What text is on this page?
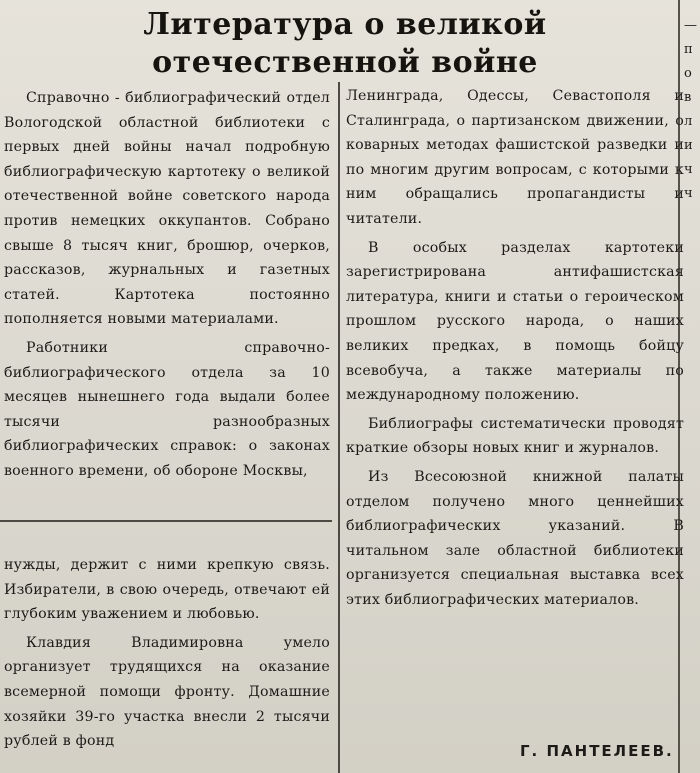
Литература о великой
отечественной войне

Справочно - библиографический отдел Вологодской областной библиотеки с первых дней войны начал подробную библиографическую картотеку о великой отечественной войне советского народа против немецких оккупантов. Собрано свыше 8 тысяч книг, брошюр, очерков, рассказов, журнальных и газетных статей. Картотека постоянно пополняется новыми материалами.

Работники справочно-библиографического отдела за 10 месяцев нынешнего года выдали более тысячи разнообразных библиографических справок: о законах военного времени, об обороне Москвы,

Ленинграда, Одессы, Севастополя и Сталинграда, о партизанском движении, о коварных методах фашистской разведки и по многим другим вопросам, с которыми к ним обращались пропагандисты и читатели.

В особых разделах картотеки зарегистрирована антифашистская литература, книги и статьи о героическом прошлом русского народа, о наших великих предках, в помощь бойцу всевобуча, а также материалы по международному положению.

Библиографы систематически проводят краткие обзоры новых книг и журналов.

Из Всесоюзной книжной палаты отделом получено много ценнейших библиографических указаний. В читальном зале областной библиотеки организуется специальная выставка всех этих библиографических материалов.

Г. ПАНТЕЛЕЕВ.

нужды, держит с ними крепкую связь. Избиратели, в свою очередь, отвечают ей глубоким уважением и любовью.

Клавдия Владимировна умело организует трудящихся на оказание всемерной помощи фронту. Домашние хозяйки 39-го участка внесли 2 тысячи рублей в фонд

—
п
о
в
л
и
ч
ч
